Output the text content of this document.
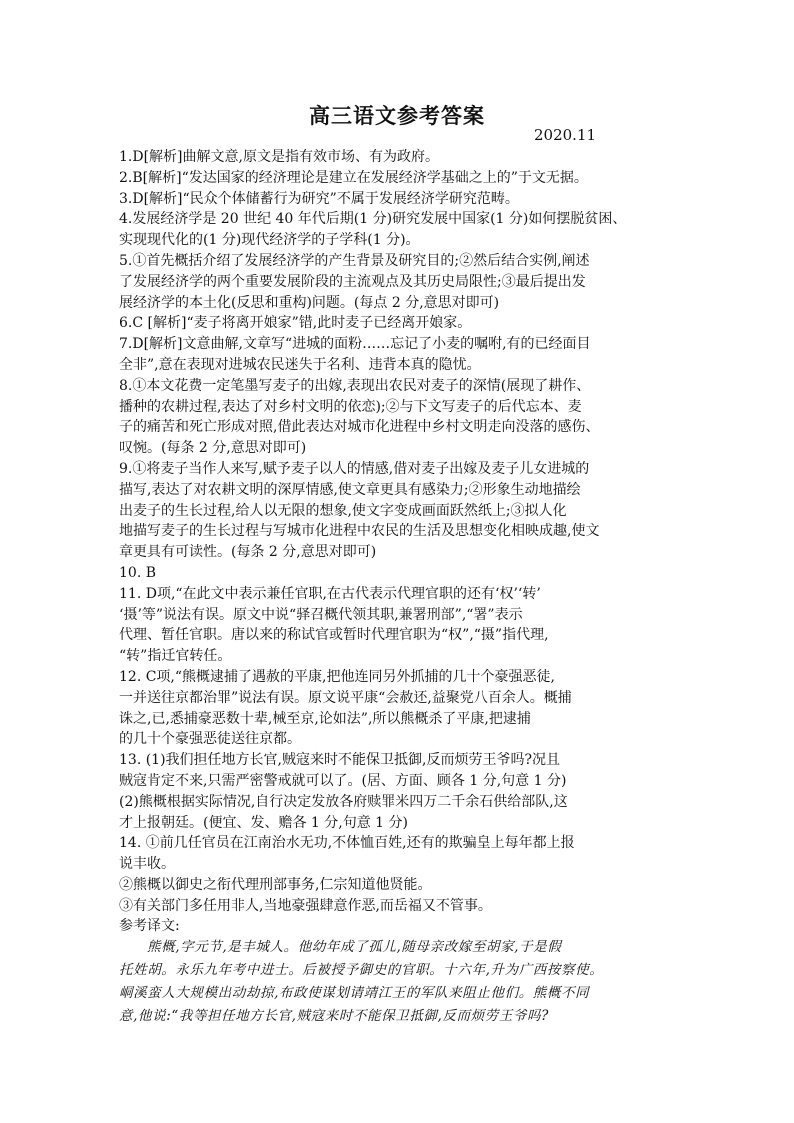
高三语文参考答案
2020.11
1.D[解析]曲解文意,原文是指有效市场、有为政府。
2.B[解析]“发达国家的经济理论是建立在发展经济学基础之上的”于文无据。
3.D[解析]“民众个体储蓄行为研究”不属于发展经济学研究范畴。
4.发展经济学是 20 世纪 40 年代后期(1 分)研究发展中国家(1 分)如何摆脱贫困、
实现现代化的(1 分)现代经济学的子学科(1 分)。
5.①首先概括介绍了发展经济学的产生背景及研究目的;②然后结合实例,阐述
了发展经济学的两个重要发展阶段的主流观点及其历史局限性;③最后提出发
展经济学的本土化(反思和重构)问题。(每点 2 分,意思对即可)
6.C [解析]“麦子将离开娘家”错,此时麦子已经离开娘家。
7.D[解析]文意曲解,文章写“进城的面粉……忘记了小麦的嘱咐,有的已经面目
全非”,意在表现对进城农民迷失于名利、违背本真的隐忧。
8.①本文花费一定笔墨写麦子的出嫁,表现出农民对麦子的深情(展现了耕作、
播种的农耕过程,表达了对乡村文明的依恋);②与下文写麦子的后代忘本、麦
子的痛苦和死亡形成对照,借此表达对城市化进程中乡村文明走向没落的感伤、
叹惋。(每条 2 分,意思对即可)
9.①将麦子当作人来写,赋予麦子以人的情感,借对麦子出嫁及麦子儿女进城的
描写,表达了对农耕文明的深厚情感,使文章更具有感染力;②形象生动地描绘
出麦子的生长过程,给人以无限的想象,使文字变成画面跃然纸上;③拟人化
地描写麦子的生长过程与写城市化进程中农民的生活及思想变化相映成趣,使文
章更具有可读性。(每条 2 分,意思对即可)
10. B
11. D项,“在此文中表示兼任官职,在古代表示代理官职的还有‘权’‘转’
‘摄’等”说法有误。原文中说“驿召概代领其职,兼署刑部”,“署”表示
代理、暂任官职。唐以来的称试官或暂时代理官职为“权”,“摄”指代理,
“转”指迁官转任。
12. C项,“熊概逮捕了遇赦的平康,把他连同另外抓捕的几十个豪强恶徒,
一并送往京都治罪”说法有误。原文说平康“会赦还,益聚党八百余人。概捕
诛之,已,悉捕豪恶数十辈,械至京,论如法”,所以熊概杀了平康,把逮捕
的几十个豪强恶徒送往京都。
13. (1)我们担任地方长官,贼寇来时不能保卫抵御,反而烦劳王爷吗?况且
贼寇肯定不来,只需严密警戒就可以了。(居、方面、顾各 1 分,句意 1 分)
(2)熊概根据实际情况,自行决定发放各府赎罪米四万二千余石供给部队,这
才上报朝廷。(便宜、发、赡各 1 分,句意 1 分)
14. ①前几任官员在江南治水无功,不体恤百姓,还有的欺骗皇上每年都上报
说丰收。
②熊概以御史之衔代理刑部事务,仁宗知道他贤能。
③有关部门多任用非人,当地豪强肆意作恶,而岳福又不管事。
参考译文:
熊概,字元节,是丰城人。他幼年成了孤儿,随母亲改嫁至胡家,于是假
托姓胡。永乐九年考中进士。后被授予御史的官职。十六年,升为广西按察使。
峒溪蛮人大规模出动劫掠,布政使谋划请靖江王的军队来阻止他们。熊概不同
意,他说:“我等担任地方长官,贼寇来时不能保卫抵御,反而烦劳王爷吗?
